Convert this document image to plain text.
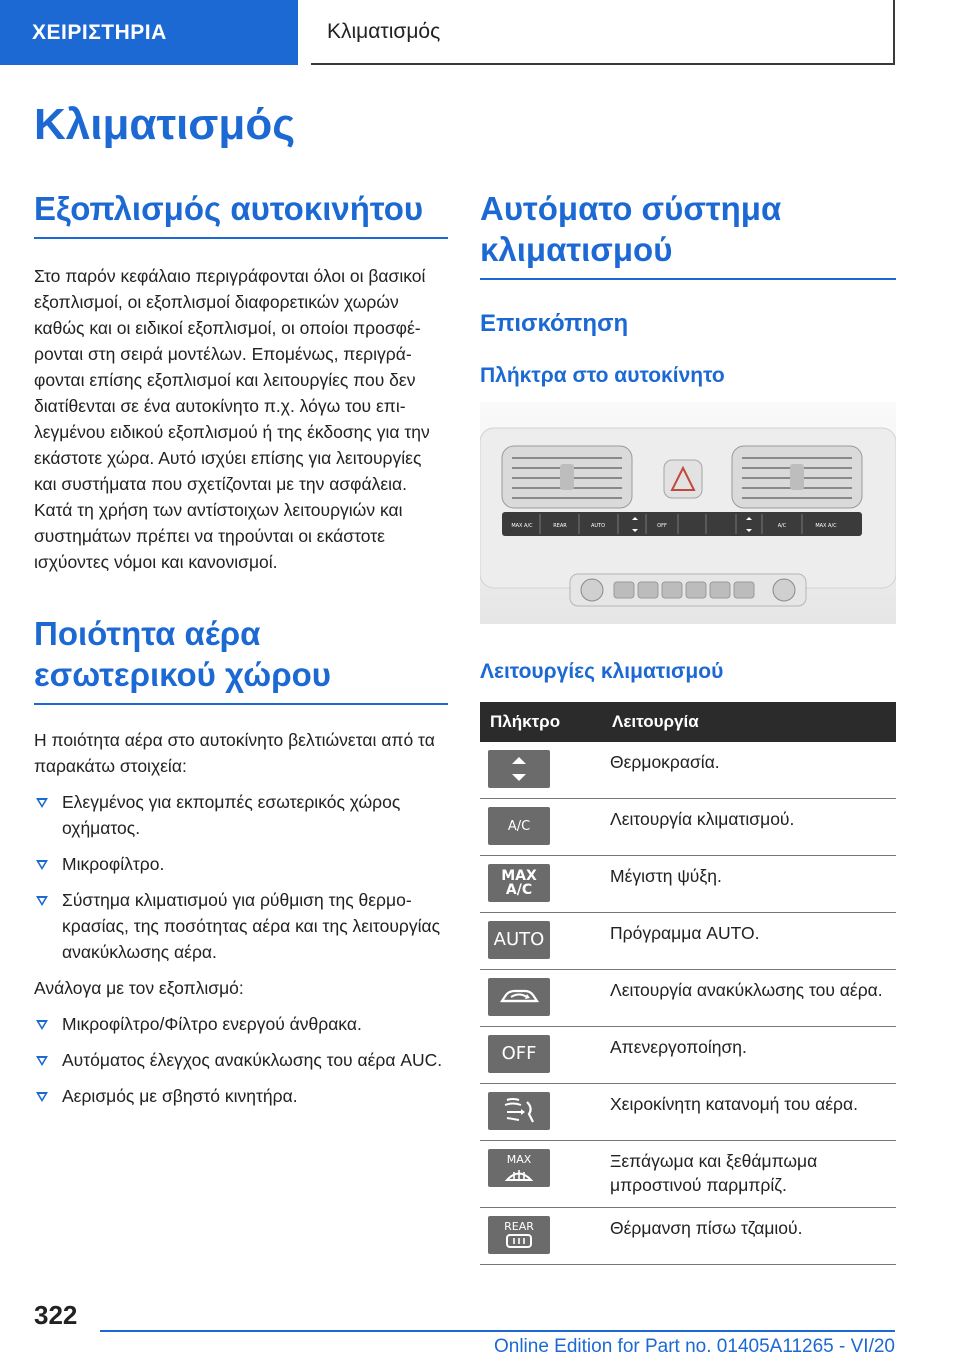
ΧΕΙΡΙΣΤΗΡΙΑ	Κλιματισμός
Κλιματισμός
Εξοπλισμός αυτοκινήτου

Στο παρόν κεφάλαιο περιγράφονται όλοι οι βασικοί εξοπλισμοί, οι εξοπλισμοί διαφορετικών χωρών καθώς και οι ειδικοί εξοπλισμοί, οι οποίοι προσφέρονται στη σειρά μοντέλων. Επομένως, περιγράφονται επίσης εξοπλισμοί και λειτουργίες που δεν διατίθενται σε ένα αυτοκίνητο π.χ. λόγω του επιλεγμένου ειδικού εξοπλισμού ή της έκδοσης για την εκάστοτε χώρα. Αυτό ισχύει επίσης για λειτουργίες και συστήματα που σχετίζονται με την ασφάλεια. Κατά τη χρήση των αντίστοιχων λειτουργιών και συστημάτων πρέπει να τηρούνται οι εκάστοτε ισχύοντες νόμοι και κανονισμοί.

Ποιότητα αέρα εσωτερικού χώρου

Η ποιότητα αέρα στο αυτοκίνητο βελτιώνεται από τα παρακάτω στοιχεία:

Ελεγμένος για εκπομπές εσωτερικός χώρος οχήματος.
Μικροφίλτρο.
Σύστημα κλιματισμού για ρύθμιση της θερμοκρασίας, της ποσότητας αέρα και της λειτουργίας ανακύκλωσης αέρα.

Ανάλογα με τον εξοπλισμό:

Μικροφίλτρο/Φίλτρο ενεργού άνθρακα.
Αυτόματος έλεγχος ανακύκλωσης του αέρα AUC.
Αερισμός με σβηστό κινητήρα.
Αυτόματο σύστημα κλιματισμού
Επισκόπηση
Πλήκτρα στο αυτοκίνητο
MAX A/C	REAR	AUTO	OFF	A/C	MAX A/C
Λειτουργίες κλιματισμού
Πλήκτρο	Λειτουργία

	Θερμοκρασία.

A/C	Λειτουργία κλιματισμού.

MAX
A/C	Μέγιστη ψύξη.

AUTO	Πρόγραμμα AUTO.

	Λειτουργία ανακύκλωσης του αέρα.

OFF	Απενεργοποίηση.

	Χειροκίνητη κατανομή του αέρα.

MAX	Ξεπάγωμα και ξεθάμπωμα μπροστινού παρμπρίζ.

REAR	Θέρμανση πίσω τζαμιού.
322
Online Edition for Part no. 01405A11265 - VI/20
